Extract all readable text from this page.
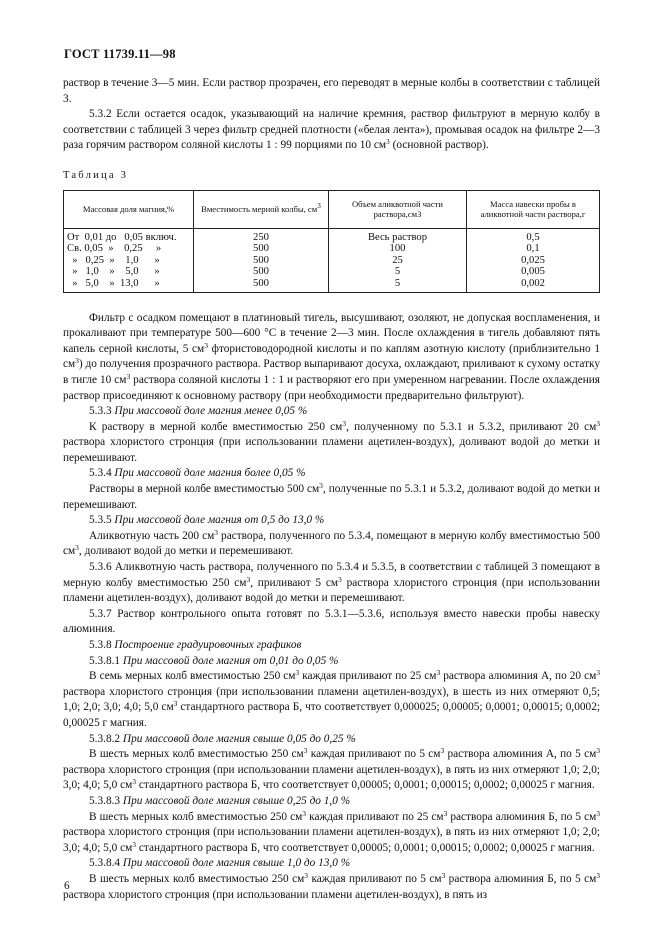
ГОСТ 11739.11—98

раствор в течение 3—5 мин. Если раствор прозрачен, его переводят в мерные колбы в соответствии с таблицей 3.

5.3.2 Если остается осадок, указывающий на наличие кремния, раствор фильтруют в мерную колбу в соответствии с таблицей 3 через фильтр средней плотности («белая лента»), промывая осадок на фильтре 2—3 раза горячим раствором соляной кислоты 1 : 99 порциями по 10 $см^3$ (основной раствор).

Таблица 3
Массовая доля магния,%	Вместимость мерной колбы, $см^3$	Объем аликвотной части раствора,см3	Масса навески пробы в аликвотной части раствора,г
От  0,01 до   0,05 включ.	250	Весь раствор	0,5
Св. 0,05  »    0,25     »	500	100	0,1
»   0,25  »    1,0      »	500	25	0,025
»   1,0    »    5,0      »	500	5	0,005
»   5,0    »  13,0      »	500	5	0,002

Фильтр с осадком помещают в платиновый тигель, высушивают, озоляют, не допуская воспламенения, и прокаливают при температуре 500—600 °С в течение 2—3 мин. После охлаждения в тигель добавляют пять капель серной кислоты, 5 $см^3$ фтористоводородной кислоты и по каплям азотную кислоту (приблизительно 1 $см^3$) до получения прозрачного раствора. Раствор выпаривают досуха, охлаждают, приливают к сухому остатку в тигле 10 $см^3$ раствора соляной кислоты 1 : 1 и растворяют его при умеренном нагревании. После охлаждения раствор присоединяют к основному раствору (при необходимости предварительно фильтруют).

5.3.3 При массовой доле магния менее 0,05 %

К раствору в мерной колбе вместимостью 250 $см^3$, полученному по 5.3.1 и 5.3.2, приливают 20 $см^3$ раствора хлористого стронция (при использовании пламени ацетилен-воздух), доливают водой до метки и перемешивают.

5.3.4 При массовой доле магния более 0,05 %

Растворы в мерной колбе вместимостью 500 $см^3$, полученные по 5.3.1 и 5.3.2, доливают водой до метки и перемешивают.

5.3.5 При массовой доле магния от 0,5 до 13,0 %

Аликвотную часть 200 $см^3$ раствора, полученного по 5.3.4, помещают в мерную колбу вместимостью 500 $см^3$, доливают водой до метки и перемешивают.

5.3.6 Аликвотную часть раствора, полученного по 5.3.4 и 5.3.5, в соответствии с таблицей 3 помещают в мерную колбу вместимостью 250 $см^3$, приливают 5 $см^3$ раствора хлористого стронция (при использовании пламени ацетилен-воздух), доливают водой до метки и перемешивают.

5.3.7 Раствор контрольного опыта готовят по 5.3.1—5.3.6, используя вместо навески пробы навеску алюминия.

5.3.8 Построение градуировочных графиков

5.3.8.1 При массовой доле магния от 0,01 до 0,05 %

В семь мерных колб вместимостью 250 $см^3$ каждая приливают по 25 $см^3$ раствора алюминия А, по 20 $см^3$ раствора хлористого стронция (при использовании пламени ацетилен-воздух), в шесть из них отмеряют 0,5; 1,0; 2,0; 3,0; 4,0; 5,0 $см^3$ стандартного раствора Б, что соответствует 0,000025; 0,00005; 0,0001; 0,00015; 0,0002; 0,00025 г магния.

5.3.8.2 При массовой доле магния свыше 0,05 до 0,25 %

В шесть мерных колб вместимостью 250 $см^3$ каждая приливают по 5 $см^3$ раствора алюминия А, по 5 $см^3$ раствора хлористого стронция (при использовании пламени ацетилен-воздух), в пять из них отмеряют 1,0; 2,0; 3,0; 4,0; 5,0 $см^3$ стандартного раствора Б, что соответствует 0,00005; 0,0001; 0,00015; 0,0002; 0,00025 г магния.

5.3.8.3 При массовой доле магния свыше 0,25 до 1,0 %

В шесть мерных колб вместимостью 250 $см^3$ каждая приливают по 25 $см^3$ раствора алюминия Б, по 5 $см^3$ раствора хлористого стронция (при использовании пламени ацетилен-воздух), в пять из них отмеряют 1,0; 2,0; 3,0; 4,0; 5,0 $см^3$ стандартного раствора Б, что соответствует 0,00005; 0,0001; 0,00015; 0,0002; 0,00025 г магния.

5.3.8.4 При массовой доле магния свыше 1,0 до 13,0 %

В шесть мерных колб вместимостью 250 $см^3$ каждая приливают по 5 $см^3$ раствора алюминия Б, по 5 $см^3$ раствора хлористого стронция (при использовании пламени ацетилен-воздух), в пять из

6
